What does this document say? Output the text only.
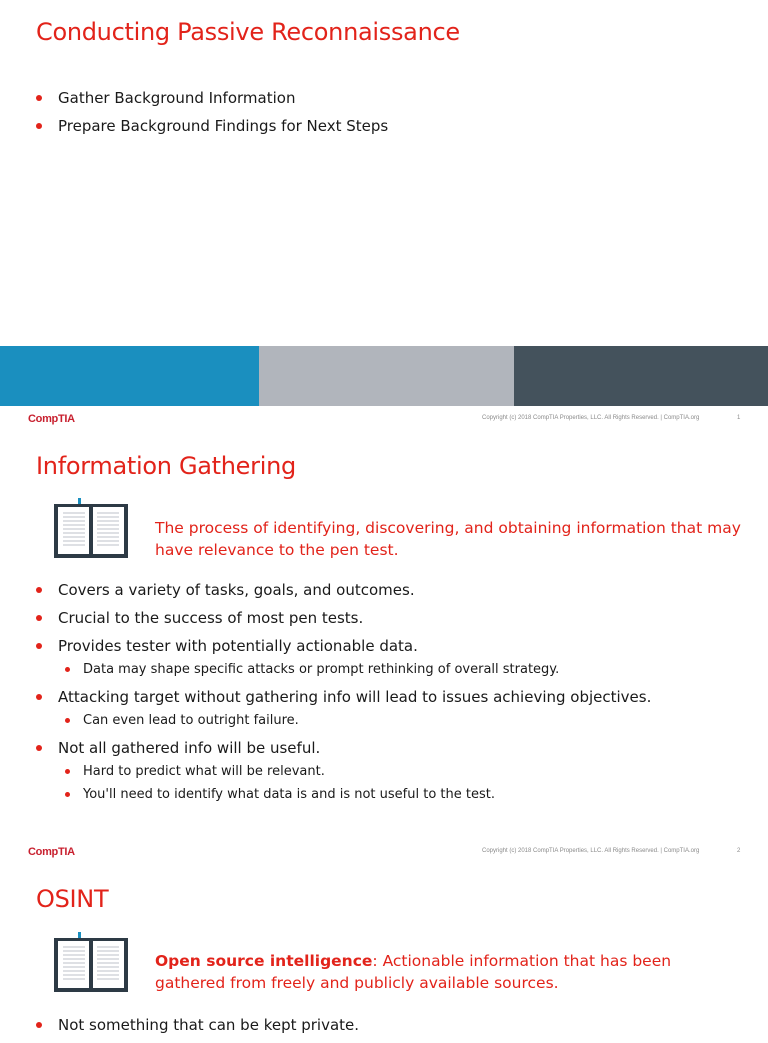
Conducting Passive Reconnaissance
Gather Background Information
Prepare Background Findings for Next Steps
CompTIA	Copyright (c) 2018 CompTIA Properties, LLC. All Rights Reserved. | CompTIA.org	1
Information Gathering

The process of identifying, discovering, and obtaining information that may have relevance to the pen test.

Covers a variety of tasks, goals, and outcomes.
Crucial to the success of most pen tests.
Provides tester with potentially actionable data.
Data may shape specific attacks or prompt rethinking of overall strategy.
Attacking target without gathering info will lead to issues achieving objectives.
Can even lead to outright failure.
Not all gathered info will be useful.
Hard to predict what will be relevant.
You'll need to identify what data is and is not useful to the test.
CompTIA	Copyright (c) 2018 CompTIA Properties, LLC. All Rights Reserved. | CompTIA.org	2
OSINT

Open source intelligence: Actionable information that has been gathered from freely and publicly available sources.

Not something that can be kept private.
